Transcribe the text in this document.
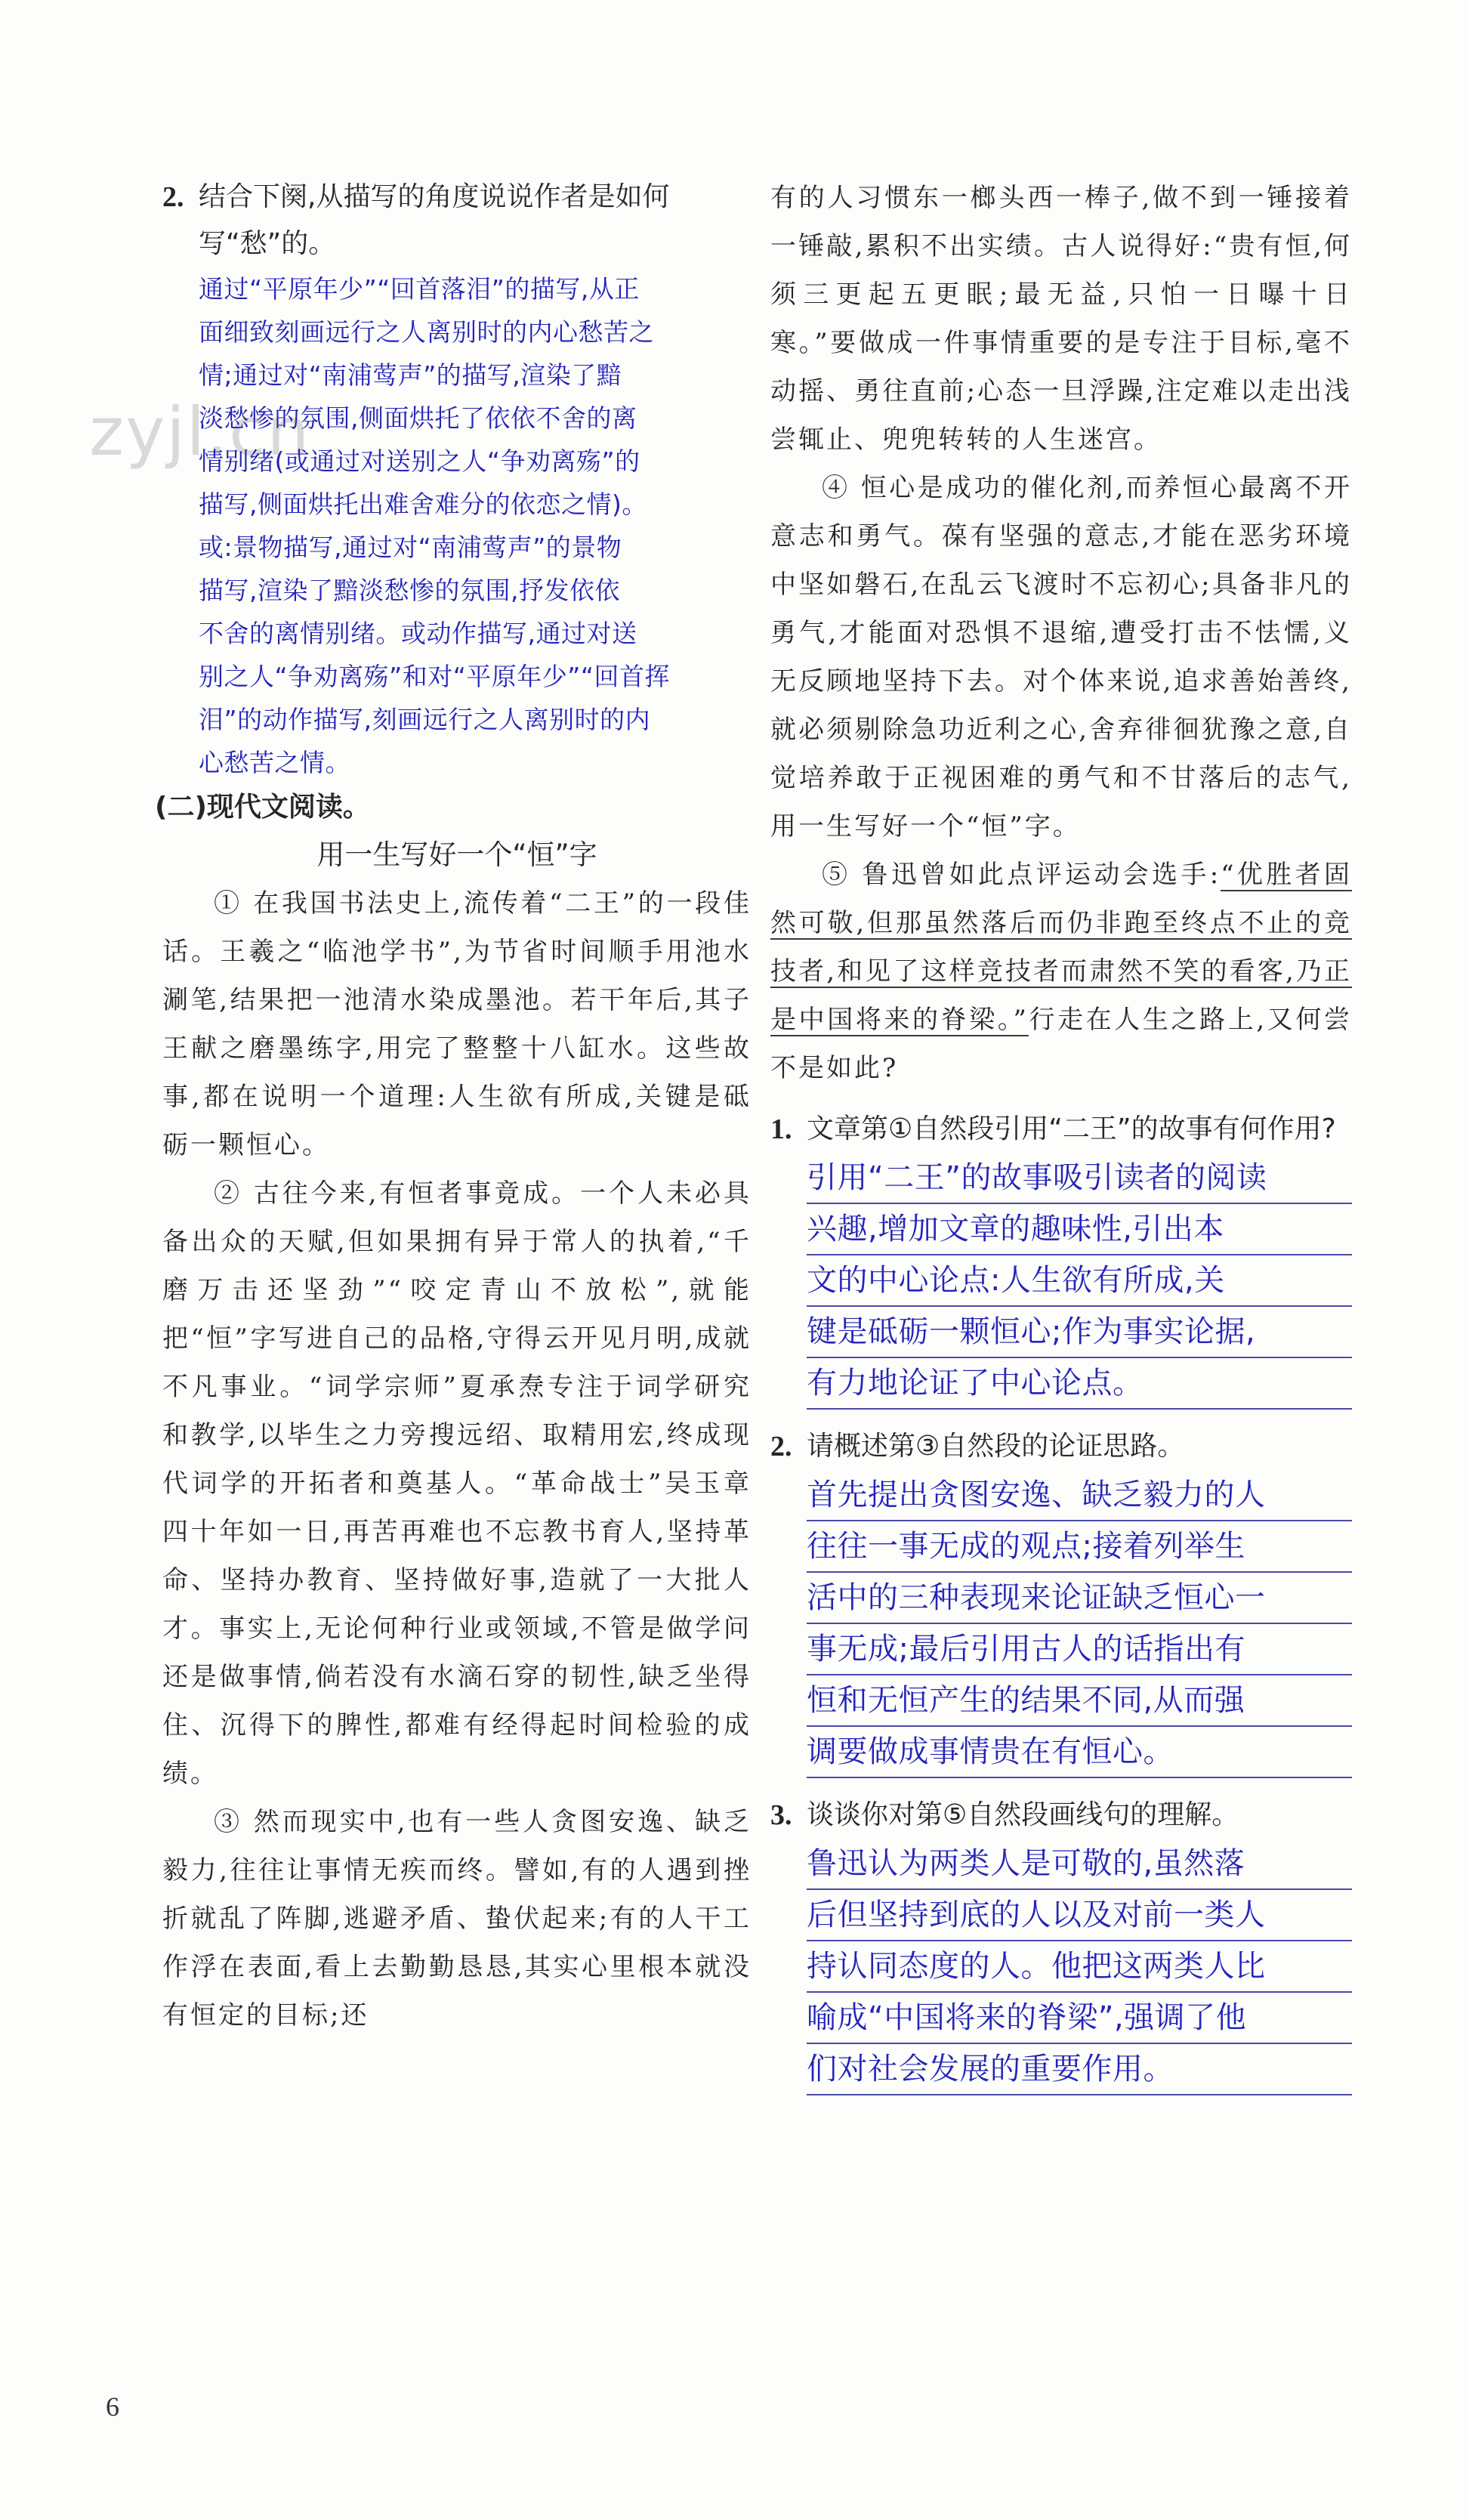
zyjl.cn
2. 结合下阕,从描写的角度说说作者是如何写“愁”的。
通过“平原年少”“回首落泪”的描写,从正
面细致刻画远行之人离别时的内心愁苦之
情;通过对“南浦莺声”的描写,渲染了黯
淡愁惨的氛围,侧面烘托了依依不舍的离
情别绪(或通过对送别之人“争劝离殇”的
描写,侧面烘托出难舍难分的依恋之情)。
或:景物描写,通过对“南浦莺声”的景物
描写,渲染了黯淡愁惨的氛围,抒发依依
不舍的离情别绪。或动作描写,通过对送
别之人“争劝离殇”和对“平原年少”“回首挥
泪”的动作描写,刻画远行之人离别时的内
心愁苦之情。
(二)现代文阅读。
用一生写好一个“恒”字

① 在我国书法史上,流传着“二王”的一段佳话。王羲之“临池学书”,为节省时间顺手用池水涮笔,结果把一池清水染成墨池。若干年后,其子王献之磨墨练字,用完了整整十八缸水。这些故事,都在说明一个道理:人生欲有所成,关键是砥砺一颗恒心。

② 古往今来,有恒者事竟成。一个人未必具备出众的天赋,但如果拥有异于常人的执着,“千磨万击还坚劲”“咬定青山不放松”,就能把“恒”字写进自己的品格,守得云开见月明,成就不凡事业。“词学宗师”夏承焘专注于词学研究和教学,以毕生之力旁搜远绍、取精用宏,终成现代词学的开拓者和奠基人。“革命战士”吴玉章四十年如一日,再苦再难也不忘教书育人,坚持革命、坚持办教育、坚持做好事,造就了一大批人才。事实上,无论何种行业或领域,不管是做学问还是做事情,倘若没有水滴石穿的韧性,缺乏坐得住、沉得下的脾性,都难有经得起时间检验的成绩。

③ 然而现实中,也有一些人贪图安逸、缺乏毅力,往往让事情无疾而终。譬如,有的人遇到挫折就乱了阵脚,逃避矛盾、蛰伏起来;有的人干工作浮在表面,看上去勤勤恳恳,其实心里根本就没有恒定的目标;还

有的人习惯东一榔头西一棒子,做不到一锤接着一锤敲,累积不出实绩。古人说得好:“贵有恒,何须三更起五更眠;最无益,只怕一日曝十日寒。”要做成一件事情重要的是专注于目标,毫不动摇、勇往直前;心态一旦浮躁,注定难以走出浅尝辄止、兜兜转转的人生迷宫。

④ 恒心是成功的催化剂,而养恒心最离不开意志和勇气。葆有坚强的意志,才能在恶劣环境中坚如磐石,在乱云飞渡时不忘初心;具备非凡的勇气,才能面对恐惧不退缩,遭受打击不怯懦,义无反顾地坚持下去。对个体来说,追求善始善终,就必须剔除急功近利之心,舍弃徘徊犹豫之意,自觉培养敢于正视困难的勇气和不甘落后的志气,用一生写好一个“恒”字。

⑤ 鲁迅曾如此点评运动会选手:“优胜者固然可敬,但那虽然落后而仍非跑至终点不止的竞技者,和见了这样竞技者而肃然不笑的看客,乃正是中国将来的脊梁。”行走在人生之路上,又何尝不是如此?

1. 文章第①自然段引用“二王”的故事有何作用?
引用“二王”的故事吸引读者的阅读
兴趣,增加文章的趣味性,引出本
文的中心论点:人生欲有所成,关
键是砥砺一颗恒心;作为事实论据,
有力地论证了中心论点。
2. 请概述第③自然段的论证思路。
首先提出贪图安逸、缺乏毅力的人
往往一事无成的观点;接着列举生
活中的三种表现来论证缺乏恒心一
事无成;最后引用古人的话指出有
恒和无恒产生的结果不同,从而强
调要做成事情贵在有恒心。
3. 谈谈你对第⑤自然段画线句的理解。
鲁迅认为两类人是可敬的,虽然落
后但坚持到底的人以及对前一类人
持认同态度的人。他把这两类人比
喻成“中国将来的脊梁”,强调了他
们对社会发展的重要作用。
6
